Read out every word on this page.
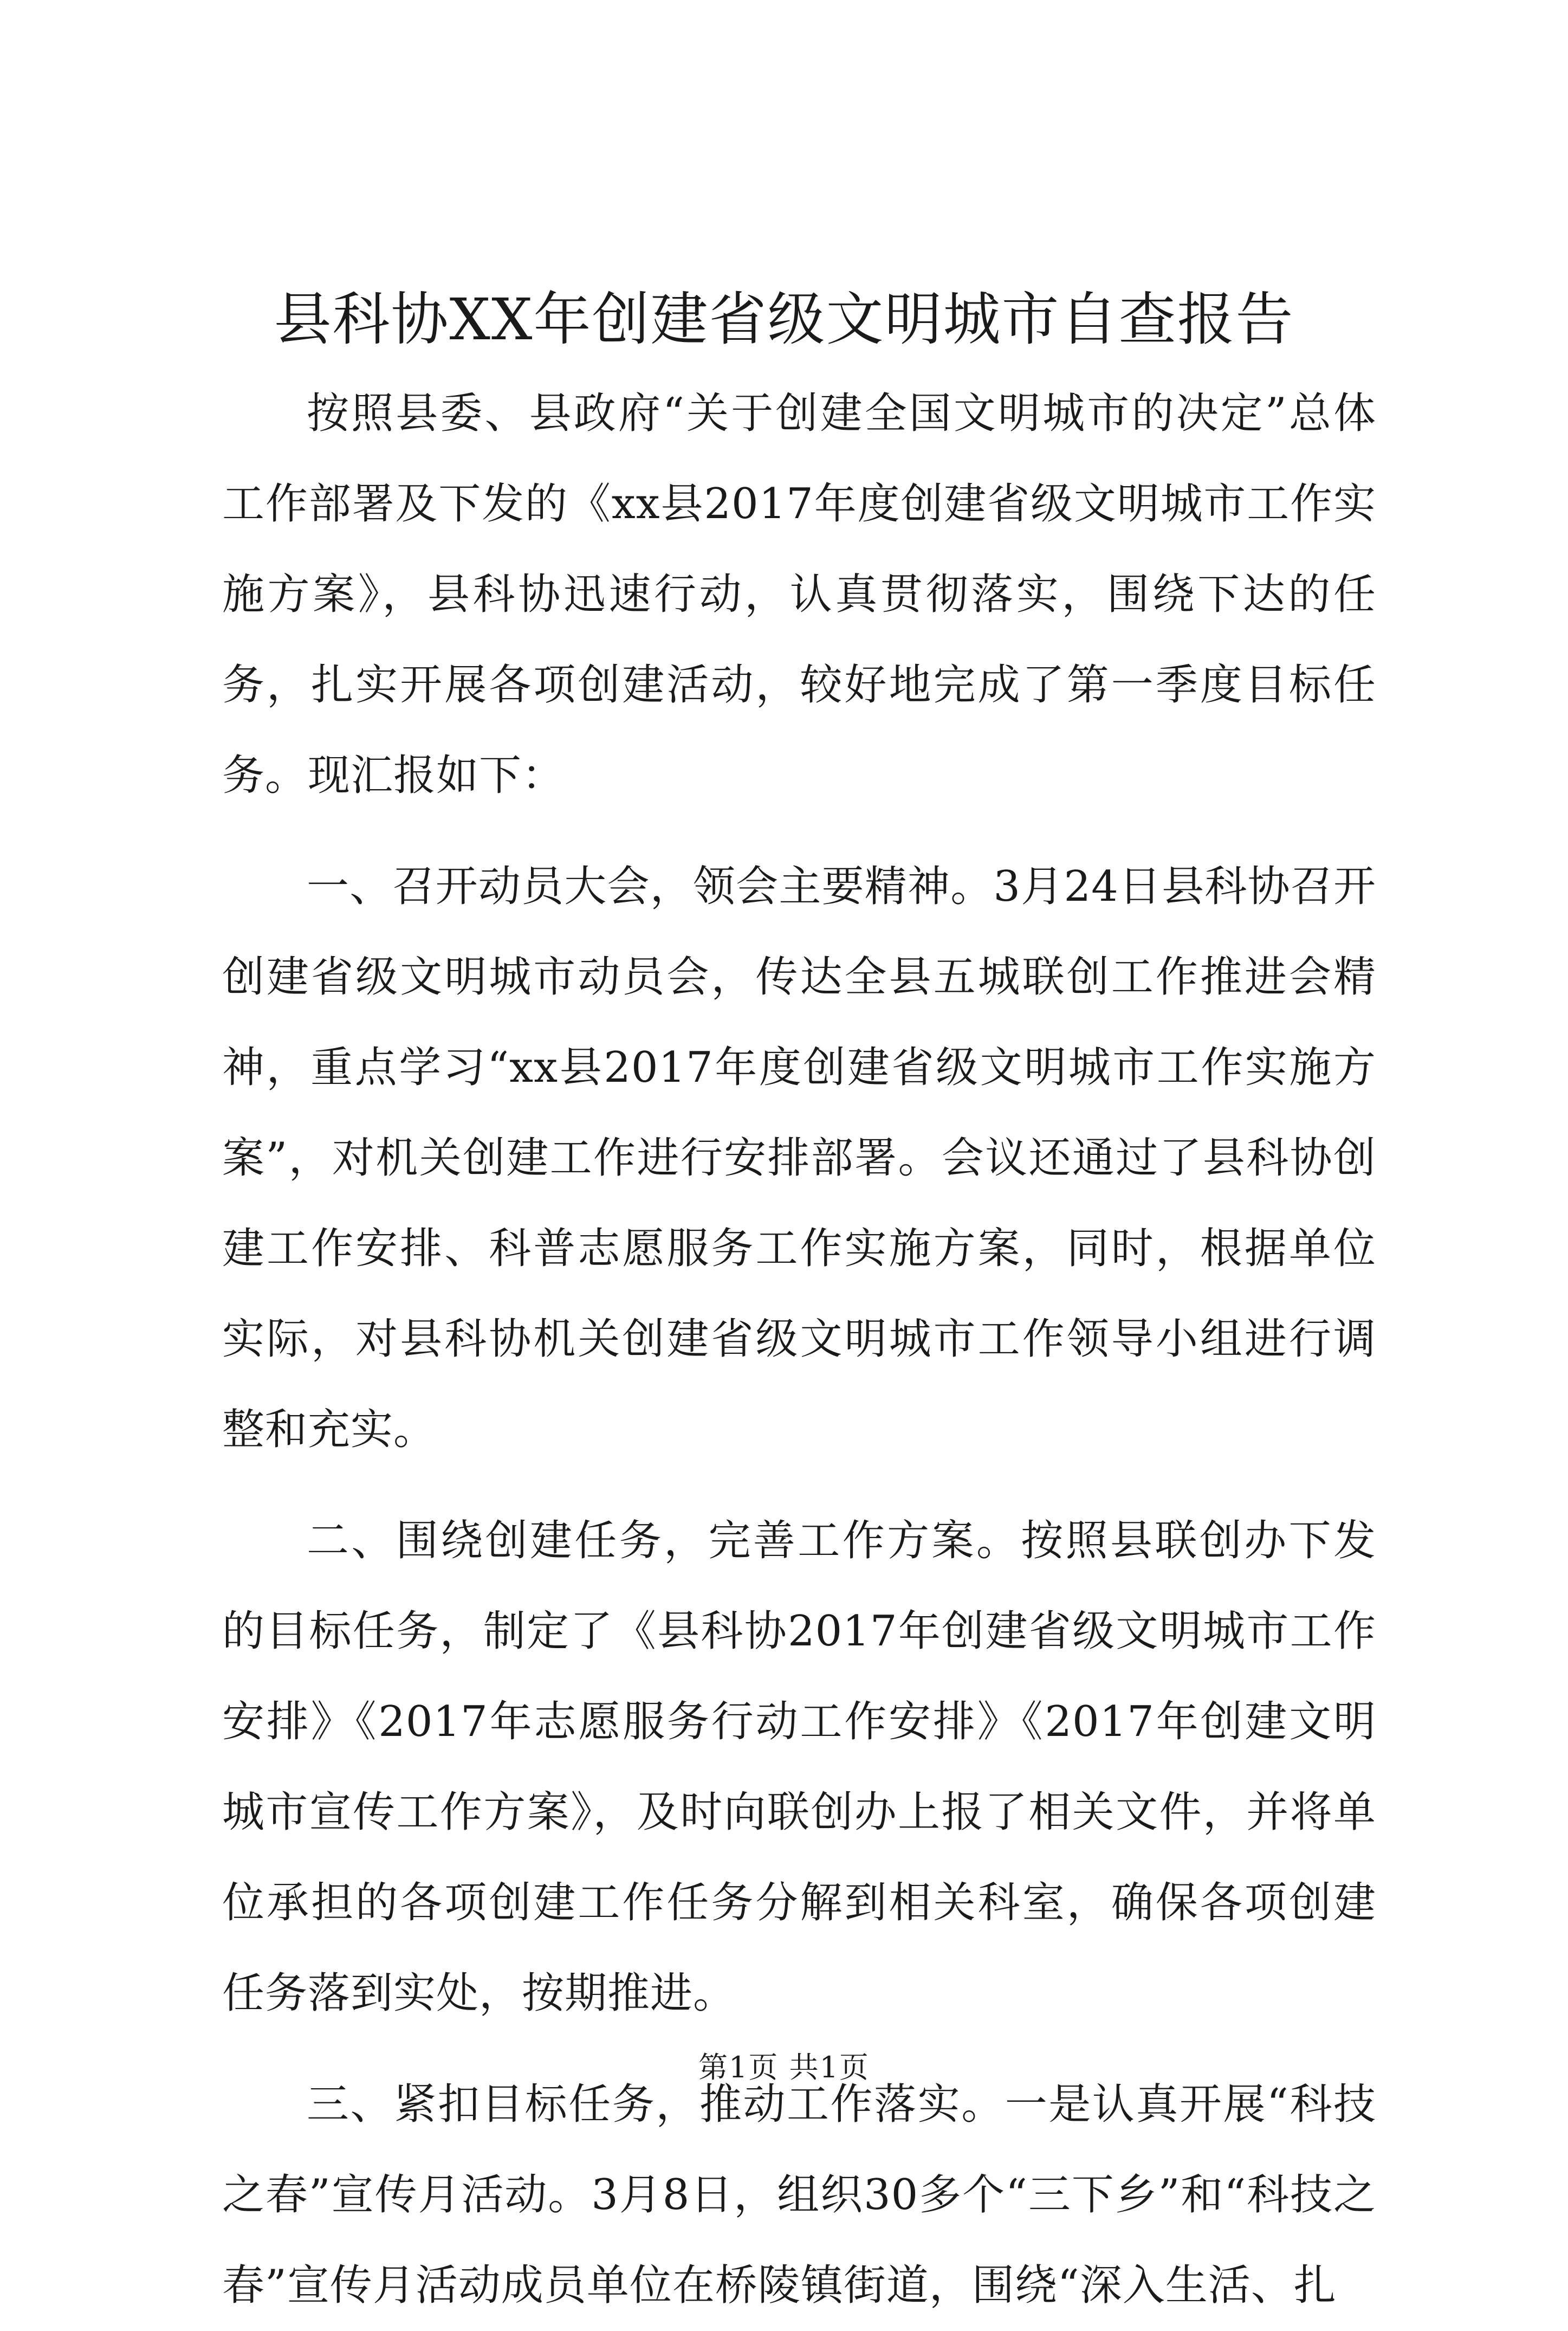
县科协XX年创建省级文明城市自查报告

按照县委、县政府“关于创建全国文明城市的决定”总体工作部署及下发的《xx县2017年度创建省级文明城市工作实施方案》，县科协迅速行动，认真贯彻落实，围绕下达的任务，扎实开展各项创建活动，较好地完成了第一季度目标任务。现汇报如下：

一、召开动员大会，领会主要精神。3月24日县科协召开创建省级文明城市动员会，传达全县五城联创工作推进会精神，重点学习“xx县2017年度创建省级文明城市工作实施方案”，对机关创建工作进行安排部署。会议还通过了县科协创建工作安排、科普志愿服务工作实施方案，同时，根据单位实际，对县科协机关创建省级文明城市工作领导小组进行调整和充实。

二、围绕创建任务，完善工作方案。按照县联创办下发的目标任务，制定了《县科协2017年创建省级文明城市工作安排》《2017年志愿服务行动工作安排》《2017年创建文明城市宣传工作方案》，及时向联创办上报了相关文件，并将单位承担的各项创建工作任务分解到相关科室，确保各项创建任务落到实处，按期推进。

三、紧扣目标任务，推动工作落实。一是认真开展“科技之春”宣传月活动。3月8日，组织30多个“三下乡”和“科技之春”宣传月活动成员单位在桥陵镇街道，围绕“深入生活、扎

第1页 共1页
